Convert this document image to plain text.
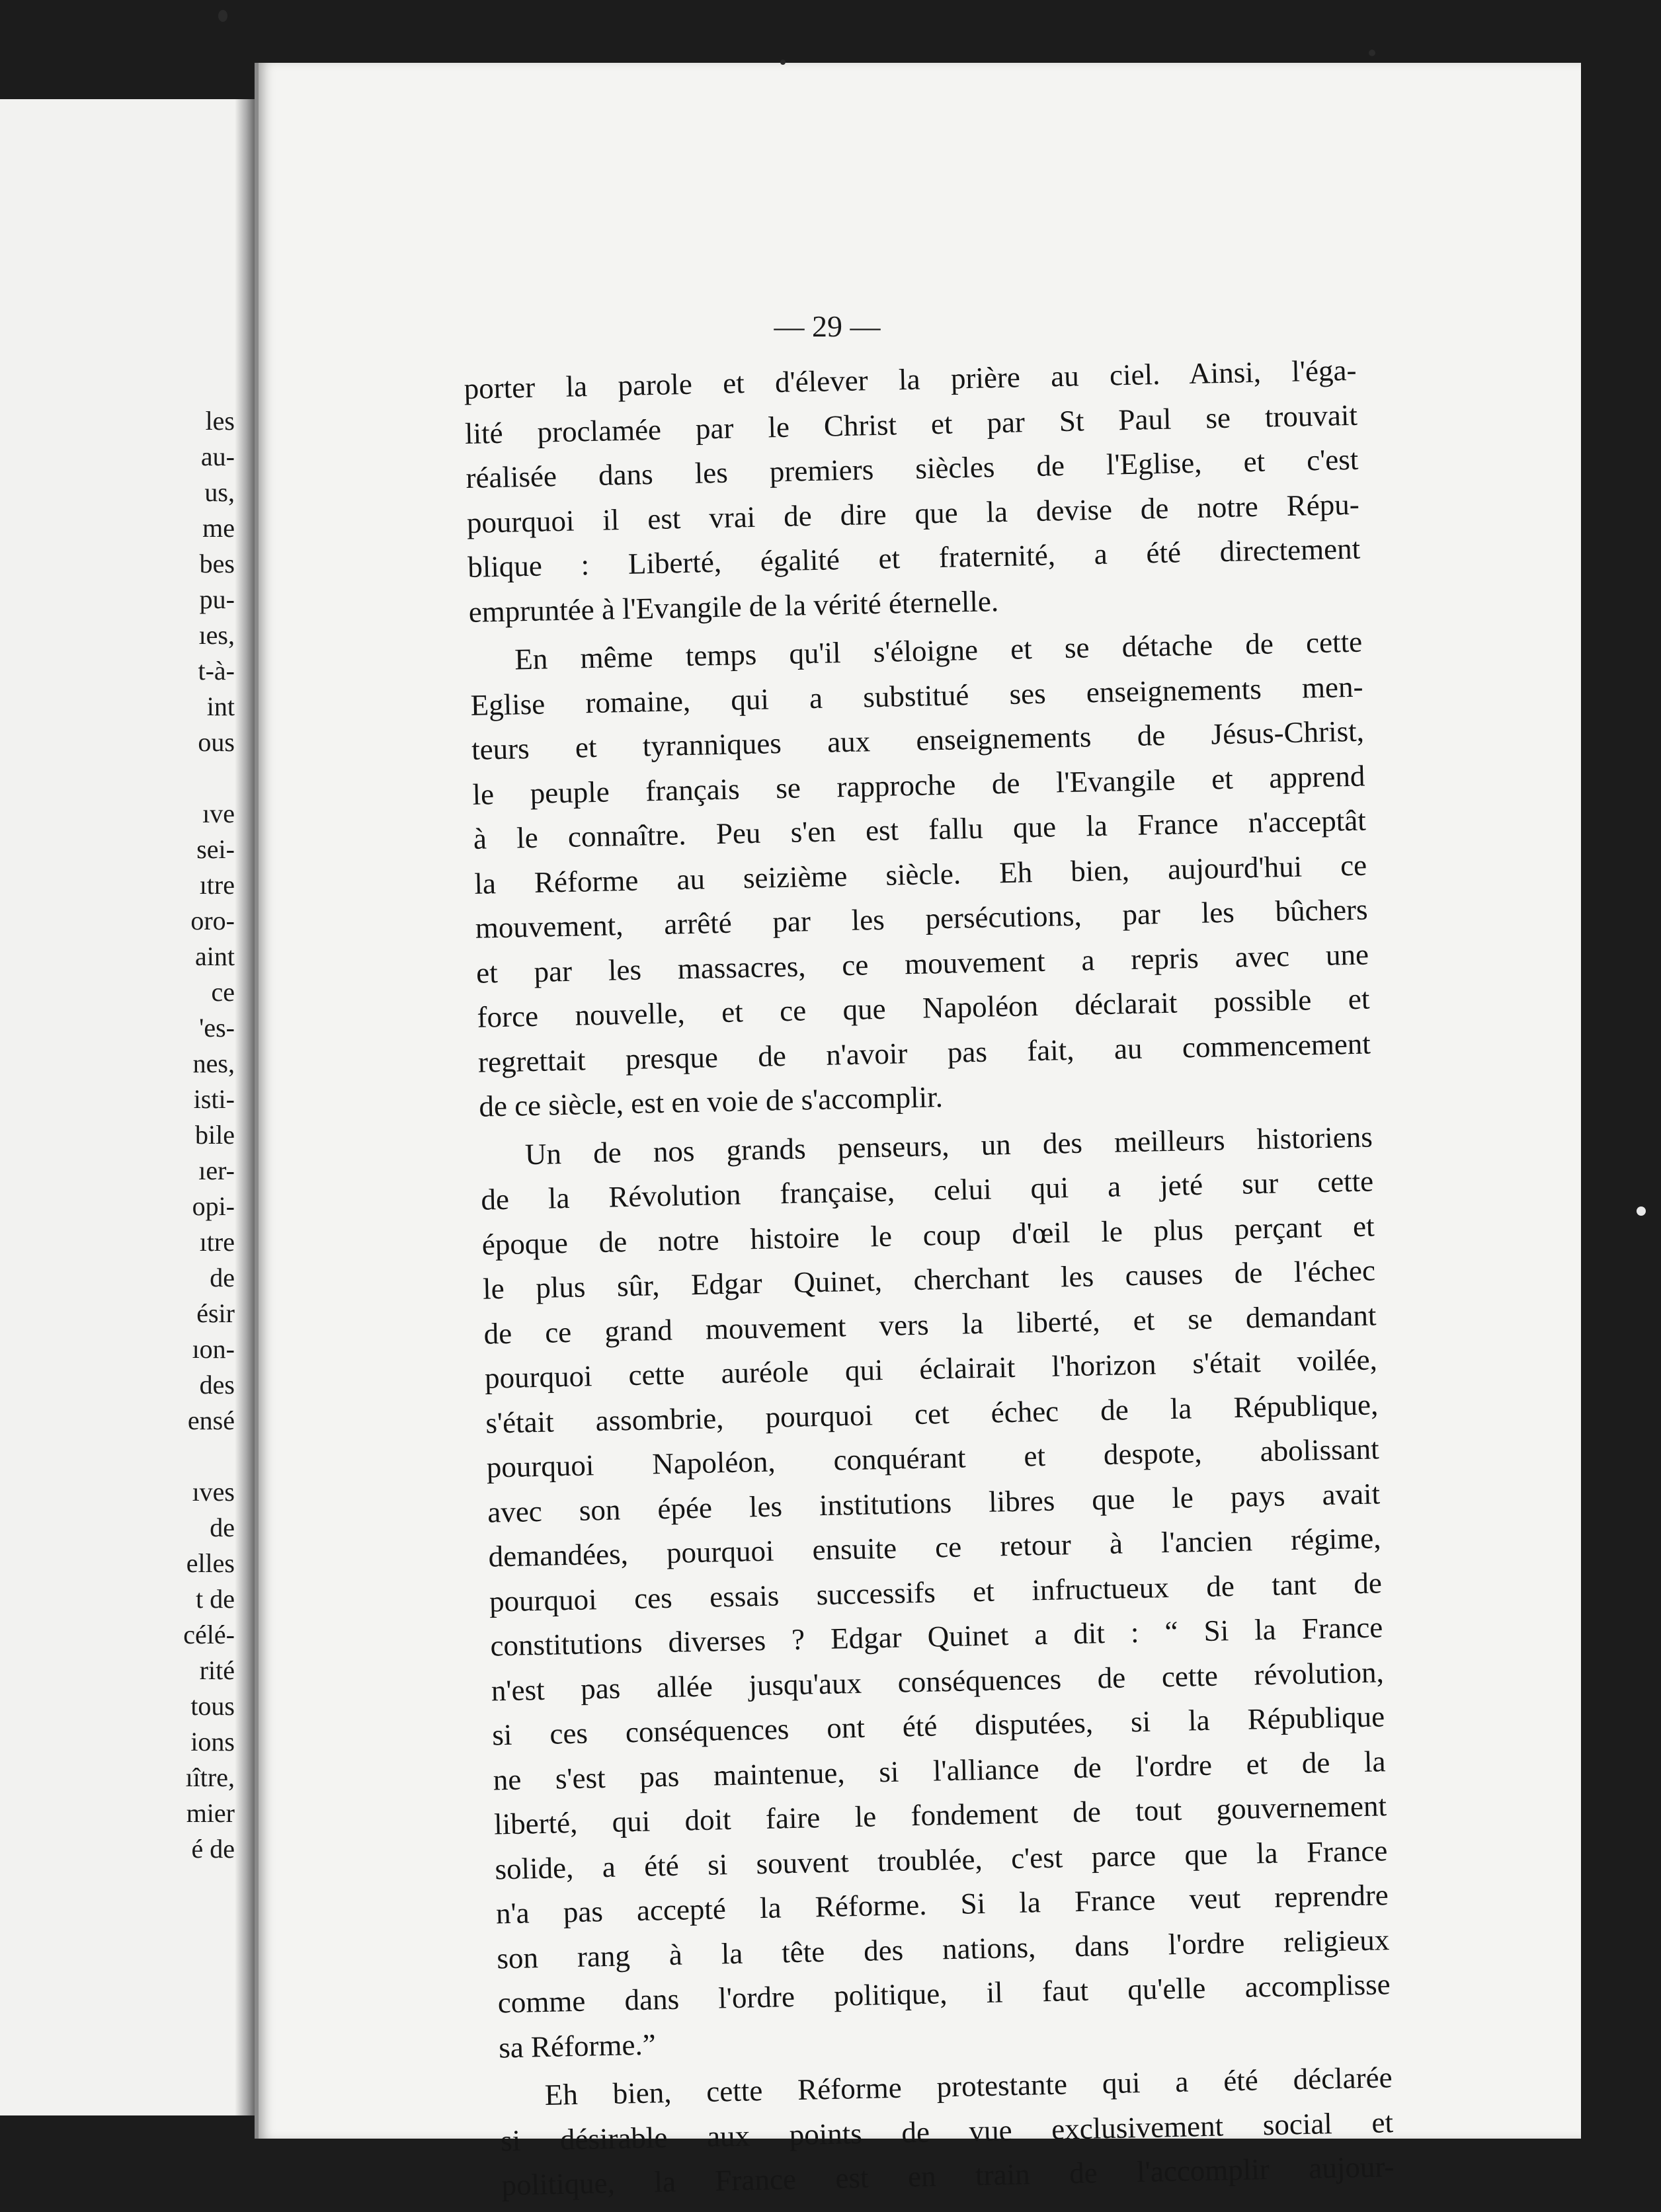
les
au-
us,
me
bes
pu-
ıes,
t-à-
int
ous
ıve
sei-
ıtre
oro-
aint
ce
'es-
nes,
isti-
bile
ıer-
opi-
ıtre
de
ésir
ıon-
des
ensé
ıves
de
elles
t de
célé-
rité
tous
ions
ıître,
mier
é de
— 29 —
porter la parole et d'élever la prière au ciel. Ainsi, l'éga-
lité proclamée par le Christ et par St Paul se trouvait
réalisée dans les premiers siècles de l'Eglise, et c'est
pourquoi il est vrai de dire que la devise de notre Répu-
blique : Liberté, égalité et fraternité, a été directement
empruntée à l'Evangile de la vérité éternelle.
En même temps qu'il s'éloigne et se détache de cette
Eglise romaine, qui a substitué ses enseignements men-
teurs et tyranniques aux enseignements de Jésus-Christ,
le peuple français se rapproche de l'Evangile et apprend
à le connaître. Peu s'en est fallu que la France n'acceptât
la Réforme au seizième siècle. Eh bien, aujourd'hui ce
mouvement, arrêté par les persécutions, par les bûchers
et par les massacres, ce mouvement a repris avec une
force nouvelle, et ce que Napoléon déclarait possible et
regrettait presque de n'avoir pas fait, au commencement
de ce siècle, est en voie de s'accomplir.
Un de nos grands penseurs, un des meilleurs historiens
de la Révolution française, celui qui a jeté sur cette
époque de notre histoire le coup d'œil le plus perçant et
le plus sûr, Edgar Quinet, cherchant les causes de l'échec
de ce grand mouvement vers la liberté, et se demandant
pourquoi cette auréole qui éclairait l'horizon s'était voilée,
s'était assombrie, pourquoi cet échec de la République,
pourquoi Napoléon, conquérant et despote, abolissant
avec son épée les institutions libres que le pays avait
demandées, pourquoi ensuite ce retour à l'ancien régime,
pourquoi ces essais successifs et infructueux de tant de
constitutions diverses ? Edgar Quinet a dit : “ Si la France
n'est pas allée jusqu'aux conséquences de cette révolution,
si ces conséquences ont été disputées, si la République
ne s'est pas maintenue, si l'alliance de l'ordre et de la
liberté, qui doit faire le fondement de tout gouvernement
solide, a été si souvent troublée, c'est parce que la France
n'a pas accepté la Réforme. Si la France veut reprendre
son rang à la tête des nations, dans l'ordre religieux
comme dans l'ordre politique, il faut qu'elle accomplisse
sa Réforme.”
Eh bien, cette Réforme protestante qui a été déclarée
si désirable aux points de vue exclusivement social et
politique, la France est en train de l'accomplir aujour-
